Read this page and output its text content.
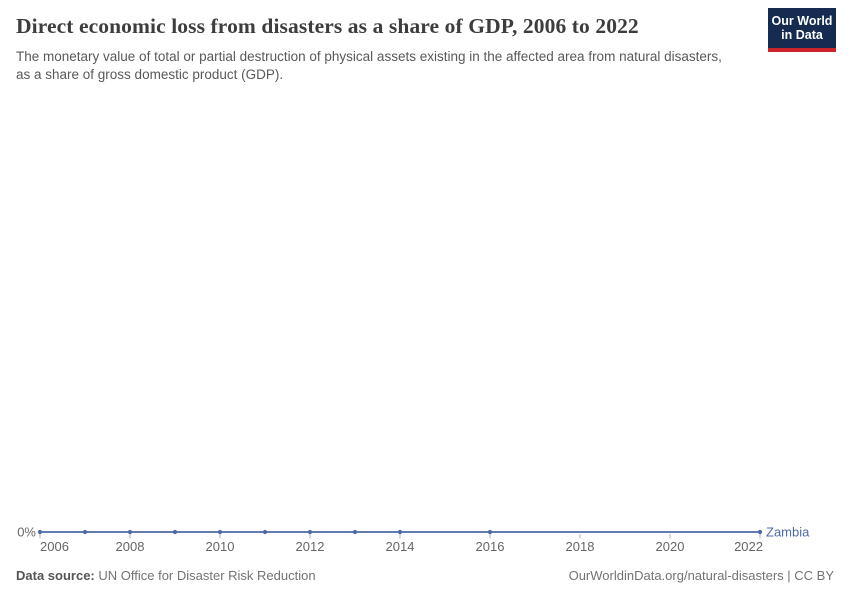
Direct economic loss from disasters as a share of GDP, 2006 to 2022
The monetary value of total or partial destruction of physical assets existing in the affected area from natural disasters, as a share of gross domestic product (GDP).
Our World
in Data
2006	2008	2010	2012	2014	2016	2018	2020	2022
0%	Zambia
Data source: UN Office for Disaster Risk Reduction	OurWorldinData.org/natural-disasters | CC BY
